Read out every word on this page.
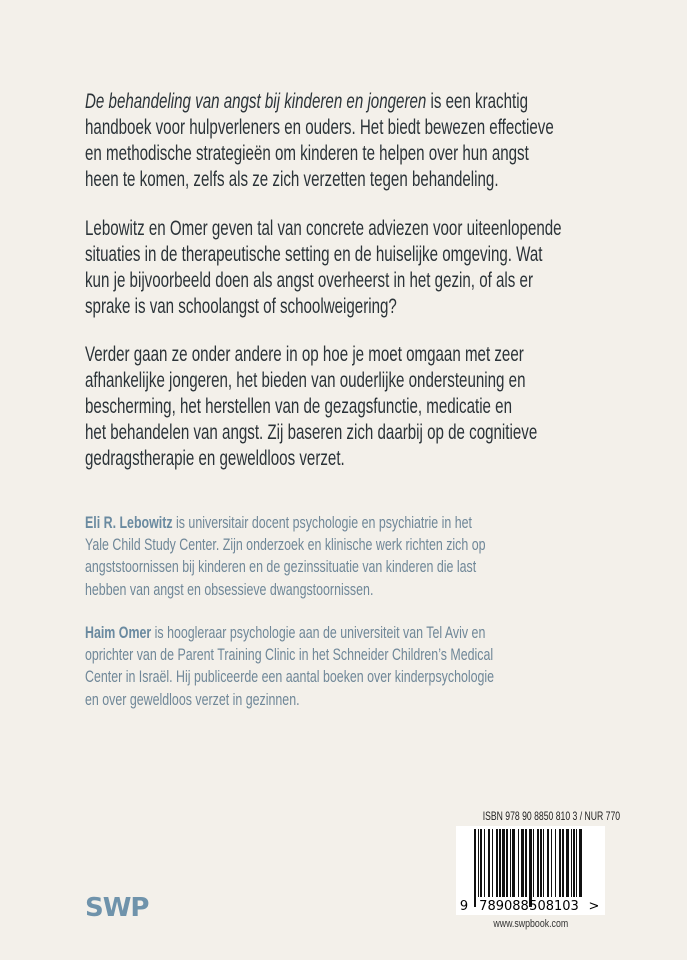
De behandeling van angst bij kinderen en jongeren is een krachtig
handboek voor hulpverleners en ouders. Het biedt bewezen effectieve
en methodische strategieën om kinderen te helpen over hun angst
heen te komen, zelfs als ze zich verzetten tegen behandeling.
Lebowitz en Omer geven tal van concrete adviezen voor uiteenlopende
situaties in de therapeutische setting en de huiselijke omgeving. Wat
kun je bijvoorbeeld doen als angst overheerst in het gezin, of als er
sprake is van schoolangst of schoolweigering?
Verder gaan ze onder andere in op hoe je moet omgaan met zeer
afhankelijke jongeren, het bieden van ouderlijke ondersteuning en
bescherming, het herstellen van de gezagsfunctie, medicatie en
het behandelen van angst. Zij baseren zich daarbij op de cognitieve
gedragstherapie en geweldloos verzet.
Eli R. Lebowitz is universitair docent psychologie en psychiatrie in het
Yale Child Study Center. Zijn onderzoek en klinische werk richten zich op
angststoornissen bij kinderen en de gezinssituatie van kinderen die last
hebben van angst en obsessieve dwangstoornissen.
Haim Omer is hoogleraar psychologie aan de universiteit van Tel Aviv en
oprichter van de Parent Training Clinic in het Schneider Children’s Medical
Center in Israël. Hij publiceerde een aantal boeken over kinderpsychologie
en over geweldloos verzet in gezinnen.
SWP
ISBN 978 90 8850 810 3 / NUR 770
9 789088 508103 >
www.swpbook.com
